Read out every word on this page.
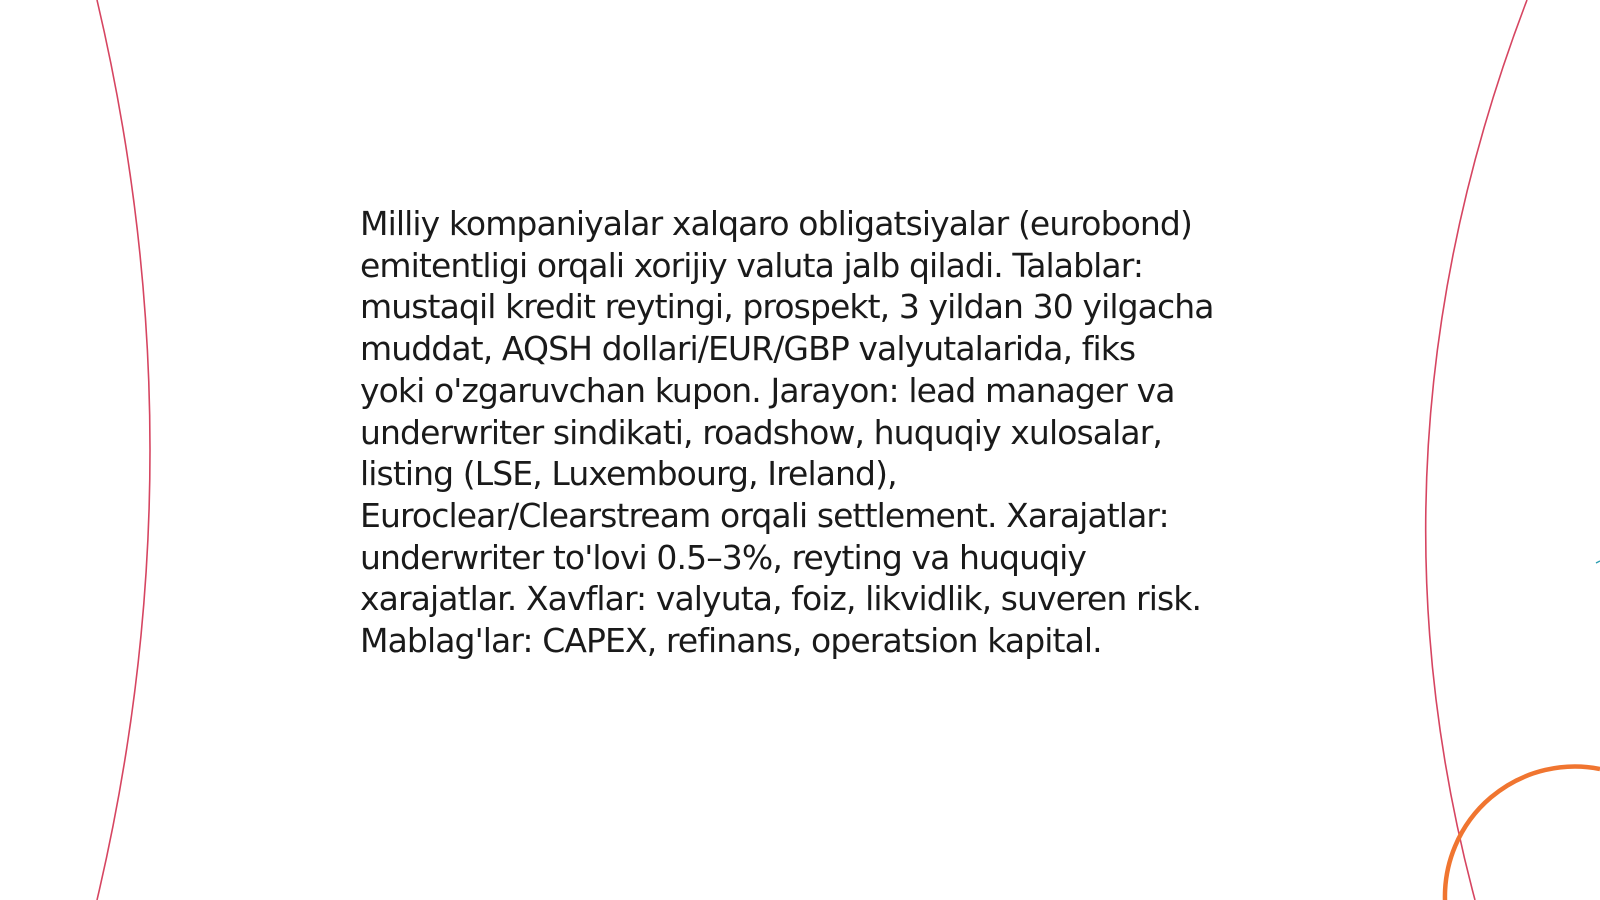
Milliy kompaniyalar xalqaro obligatsiyalar (eurobond)
emitentligi orqali xorijiy valuta jalb qiladi. Talablar:
mustaqil kredit reytingi, prospekt, 3 yildan 30 yilgacha
muddat, AQSH dollari/EUR/GBP valyutalarida, fiks
yoki o'zgaruvchan kupon. Jarayon: lead manager va
underwriter sindikati, roadshow, huquqiy xulosalar,
listing (LSE, Luxembourg, Ireland),
Euroclear/Clearstream orqali settlement. Xarajatlar:
underwriter to'lovi 0.5–3%, reyting va huquqiy
xarajatlar. Xavflar: valyuta, foiz, likvidlik, suveren risk.
Mablag'lar: CAPEX, refinans, operatsion kapital.
